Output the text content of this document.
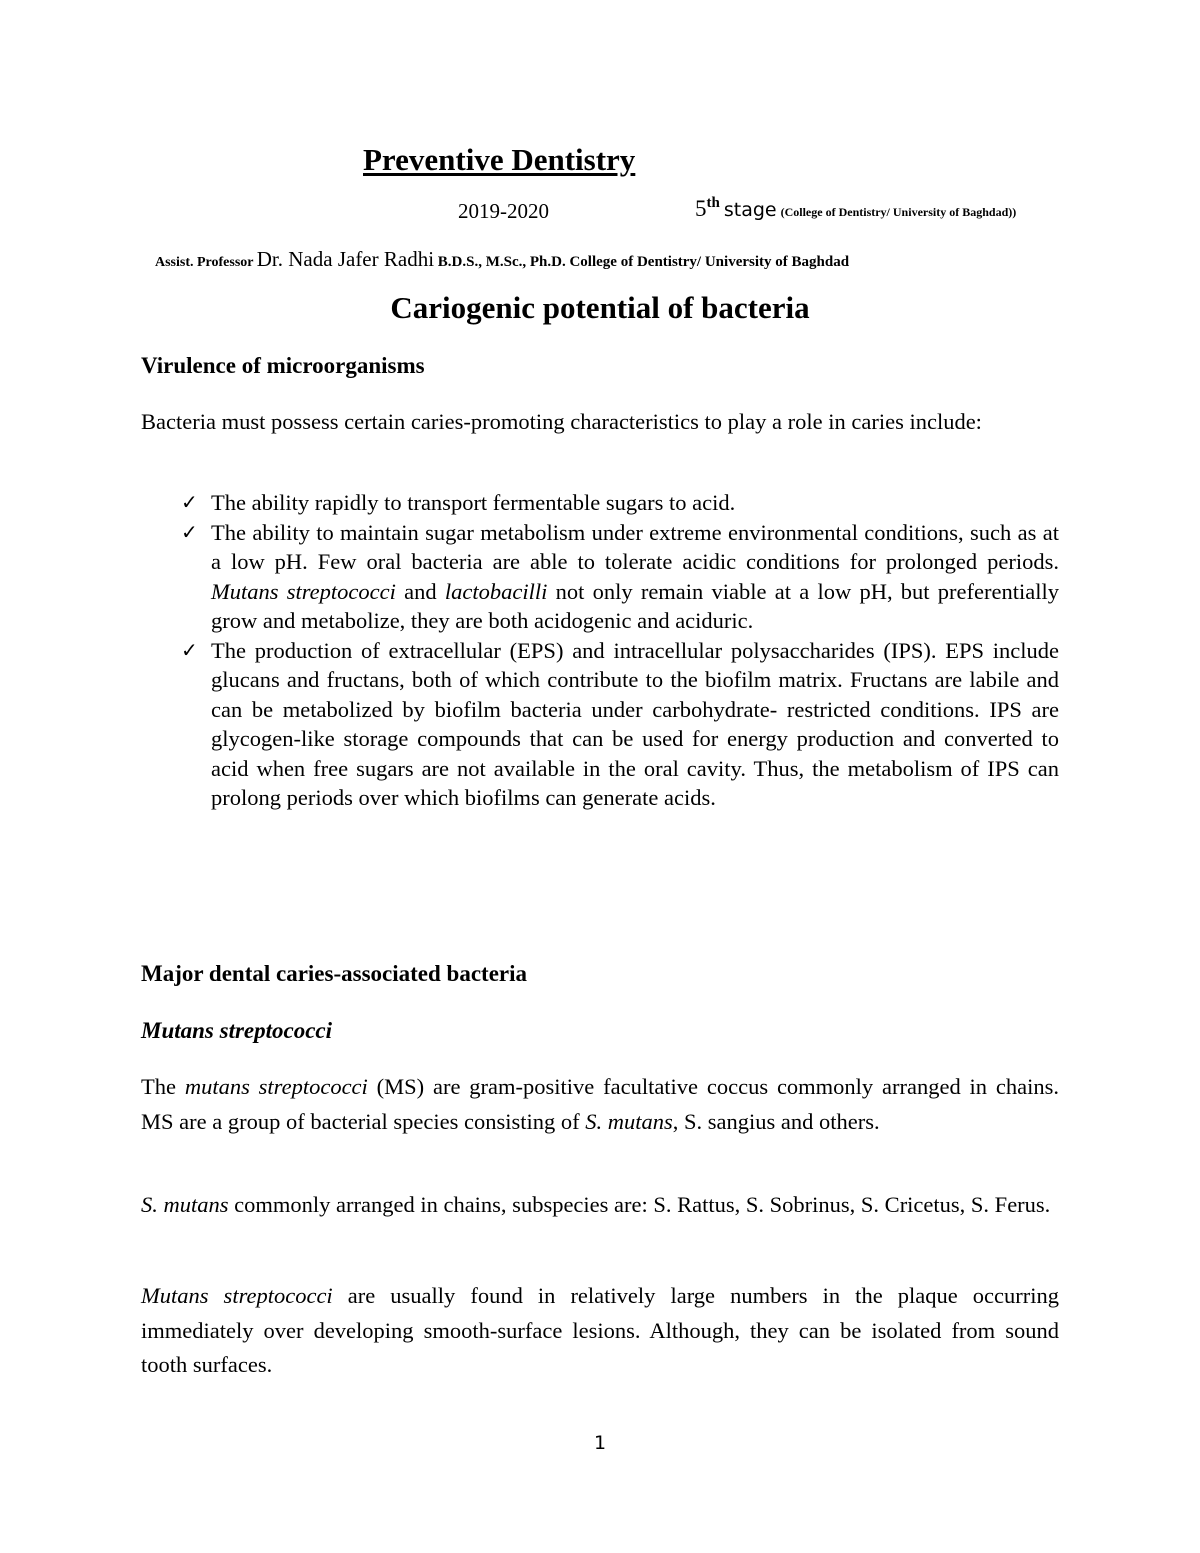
Preventive Dentistry
2019-2020	5th stage (College of Dentistry/ University of Baghdad))
Assist. Professor Dr. Nada Jafer Radhi B.D.S., M.Sc., Ph.D. College of Dentistry/ University of Baghdad
Cariogenic potential of bacteria
Virulence of microorganisms

Bacteria must possess certain caries-promoting characteristics to play a role in caries include:

✓ The ability rapidly to transport fermentable sugars to acid.
✓ The ability to maintain sugar metabolism under extreme environmental conditions, such as at a low pH. Few oral bacteria are able to tolerate acidic conditions for prolonged periods. Mutans streptococci and lactobacilli not only remain viable at a low pH, but preferentially grow and metabolize, they are both acidogenic and aciduric.
✓ The production of extracellular (EPS) and intracellular polysaccharides (IPS). EPS include glucans and fructans, both of which contribute to the biofilm matrix. Fructans are labile and can be metabolized by biofilm bacteria under carbohydrate- restricted conditions. IPS are glycogen-like storage compounds that can be used for energy production and converted to acid when free sugars are not available in the oral cavity. Thus, the metabolism of IPS can prolong periods over which biofilms can generate acids.
Major dental caries-associated bacteria
Mutans streptococci

The mutans streptococci (MS) are gram-positive facultative coccus commonly arranged in chains. MS are a group of bacterial species consisting of S. mutans, S. sangius and others.

S. mutans commonly arranged in chains, subspecies are: S. Rattus, S. Sobrinus, S. Cricetus, S. Ferus.

Mutans streptococci are usually found in relatively large numbers in the plaque occurring immediately over developing smooth-surface lesions. Although, they can be isolated from sound tooth surfaces.

1
